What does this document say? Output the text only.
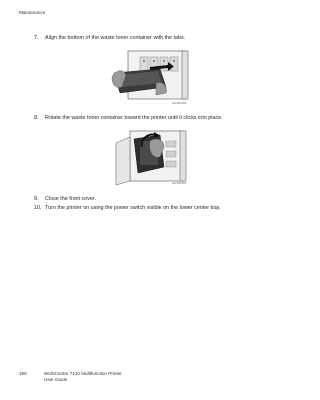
Maintenance
7. Align the bottom of the waste toner container with the tabs.
wc7120-056
8. Rotate the waste toner container toward the printer until it clicks into place.
wc7120-057
9. Close the front cover.
10. Turn the printer on using the power switch visible on the lower center tray.
166	WorkCentre 7120 Multifunction Printer
User Guide
